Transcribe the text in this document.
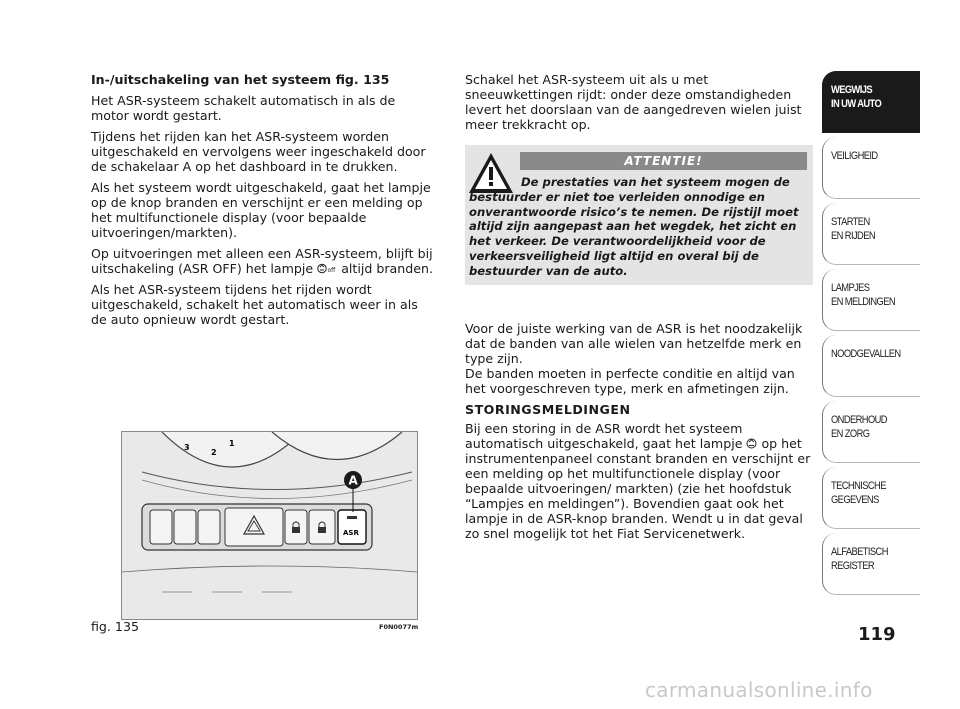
In-/uitschakeling van het systeem fig. 135

Het ASR-systeem schakelt automatisch in als de motor wordt gestart.

Tijdens het rijden kan het ASR-systeem worden uitgeschakeld en vervolgens weer ingeschakeld door de schakelaar A op het dashboard in te drukken.

Als het systeem wordt uitgeschakeld, gaat het lampje op de knop branden en verschijnt er een melding op het multifunctionele display (voor bepaalde uitvoeringen/markten).

Op uitvoeringen met alleen een ASR-systeem, blijft bij uitschakeling (ASR OFF) het lampje off altijd branden.

Als het ASR-systeem tijdens het rijden wordt uitgeschakeld, schakelt het automatisch weer in als de auto opnieuw wordt gestart.

Schakel het ASR-systeem uit als u met sneeuwkettingen rijdt: onder deze omstandigheden levert het doorslaan van de aangedreven wielen juist meer trekkracht op.

ATTENTIE!
De prestaties van het systeem mogen de bestuurder er niet toe verleiden onnodige en onverantwoorde risico’s te nemen. De rijstijl moet altijd zijn aangepast aan het wegdek, het zicht en het verkeer. De verantwoordelijkheid voor de verkeersveiligheid ligt altijd en overal bij de bestuurder van de auto.

Voor de juiste werking van de ASR is het noodzakelijk dat de banden van alle wielen van hetzelfde merk en type zijn.

De banden moeten in perfecte conditie en altijd van het voorgeschreven type, merk en afmetingen zijn.

STORINGSMELDINGEN

Bij een storing in de ASR wordt het systeem automatisch uitgeschakeld, gaat het lampje op het instrumentenpaneel constant branden en verschijnt er een melding op het multifunctionele display (voor bepaalde uitvoeringen/ markten) (zie het hoofdstuk “Lampjes en meldingen”). Bovendien gaat ook het lampje in de ASR-knop branden. Wendt u in dat geval zo snel mogelijk tot het Fiat Servicenetwerk.

3
2
1
ASR
A
fig. 135	F0N0077m
WEGWIJS
IN UW AUTO
VEILIGHEID
STARTEN
EN RIJDEN
LAMPJES
EN MELDINGEN
NOODGEVALLEN
ONDERHOUD
EN ZORG
TECHNISCHE
GEGEVENS
ALFABETISCH
REGISTER
119
carmanualsonline.info
